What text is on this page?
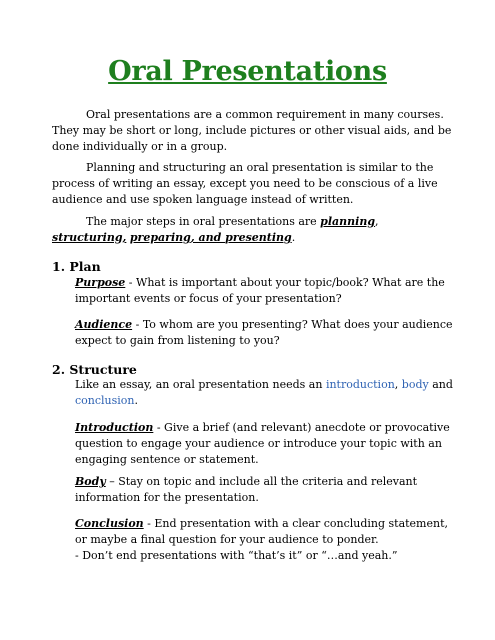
Oral Presentations

Oral presentations are a common requirement in many courses. They may be short or long, include pictures or other visual aids, and be done individually or in a group.

Planning and structuring an oral presentation is similar to the process of writing an essay, except you need to be conscious of a live audience and use spoken language instead of written.

The major steps in oral presentations are planning, structuring, preparing, and presenting.

1. Plan

Purpose - What is important about your topic/book? What are the important events or focus of your presentation?

Audience - To whom are you presenting? What does your audience expect to gain from listening to you?

2. Structure

Like an essay, an oral presentation needs an introduction, body and conclusion.

Introduction - Give a brief (and relevant) anecdote or provocative question to engage your audience or introduce your topic with an engaging sentence or statement.

Body – Stay on topic and include all the criteria and relevant information for the presentation.

Conclusion - End presentation with a clear concluding statement, or maybe a final question for your audience to ponder.

- Don’t end presentations with “that’s it” or “…and yeah.”
